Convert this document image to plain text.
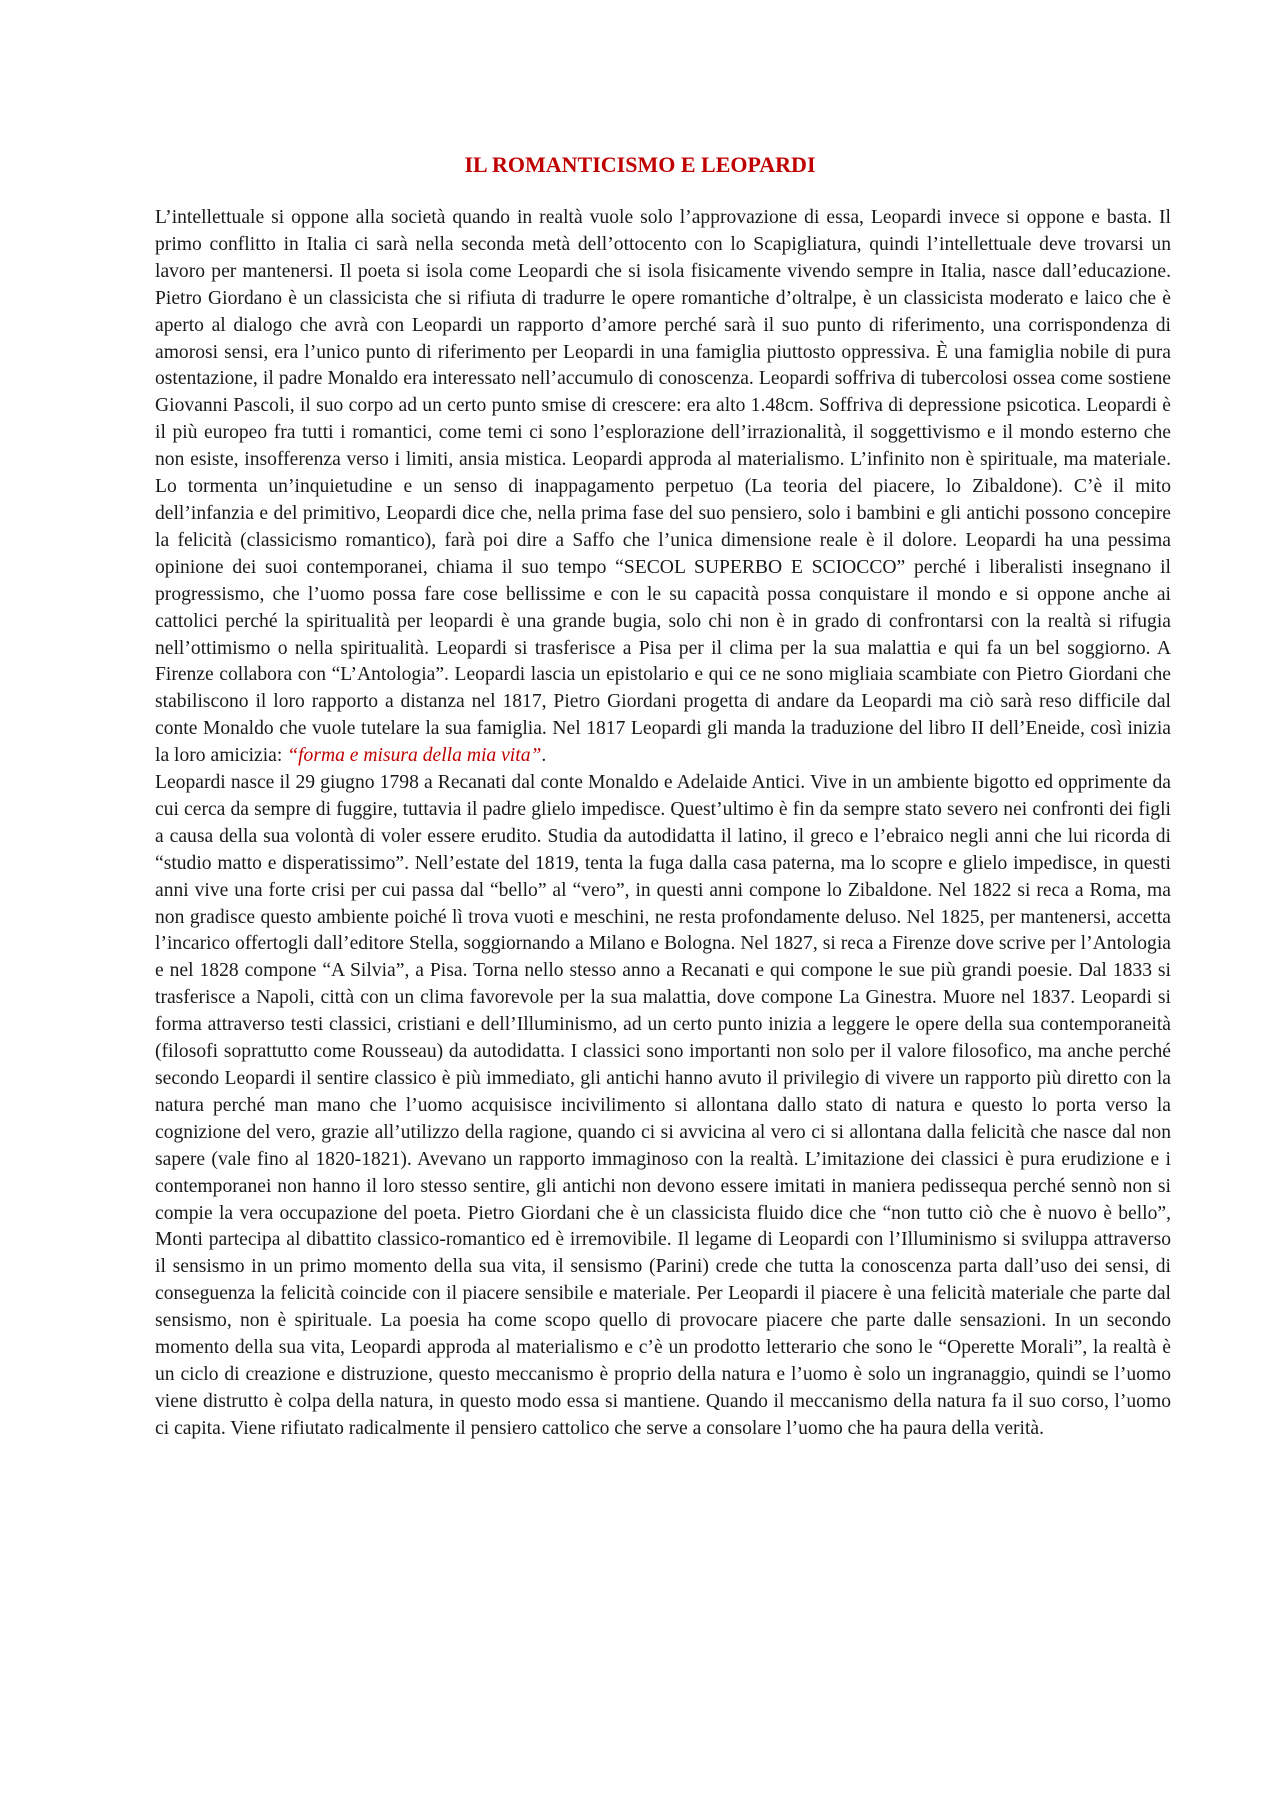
IL ROMANTICISMO E LEOPARDI

L’intellettuale si oppone alla società quando in realtà vuole solo l’approvazione di essa, Leopardi invece si oppone e basta. Il primo conflitto in Italia ci sarà nella seconda metà dell’ottocento con lo Scapigliatura, quindi l’intellettuale deve trovarsi un lavoro per mantenersi. Il poeta si isola come Leopardi che si isola fisicamente vivendo sempre in Italia, nasce dall’educazione. Pietro Giordano è un classicista che si rifiuta di tradurre le opere romantiche d’oltralpe, è un classicista moderato e laico che è aperto al dialogo che avrà con Leopardi un rapporto d’amore perché sarà il suo punto di riferimento, una corrispondenza di amorosi sensi, era l’unico punto di riferimento per Leopardi in una famiglia piuttosto oppressiva. È una famiglia nobile di pura ostentazione, il padre Monaldo era interessato nell’accumulo di conoscenza. Leopardi soffriva di tubercolosi ossea come sostiene Giovanni Pascoli, il suo corpo ad un certo punto smise di crescere: era alto 1.48cm. Soffriva di depressione psicotica. Leopardi è il più europeo fra tutti i romantici, come temi ci sono l’esplorazione dell’irrazionalità, il soggettivismo e il mondo esterno che non esiste, insofferenza verso i limiti, ansia mistica. Leopardi approda al materialismo. L’infinito non è spirituale, ma materiale. Lo tormenta un’inquietudine e un senso di inappagamento perpetuo (La teoria del piacere, lo Zibaldone). C’è il mito dell’infanzia e del primitivo, Leopardi dice che, nella prima fase del suo pensiero, solo i bambini e gli antichi possono concepire la felicità (classicismo romantico), farà poi dire a Saffo che l’unica dimensione reale è il dolore. Leopardi ha una pessima opinione dei suoi contemporanei, chiama il suo tempo “SECOL SUPERBO E SCIOCCO” perché i liberalisti insegnano il progressismo, che l’uomo possa fare cose bellissime e con le su capacità possa conquistare il mondo e si oppone anche ai cattolici perché la spiritualità per leopardi è una grande bugia, solo chi non è in grado di confrontarsi con la realtà si rifugia nell’ottimismo o nella spiritualità. Leopardi si trasferisce a Pisa per il clima per la sua malattia e qui fa un bel soggiorno. A Firenze collabora con “L’Antologia”. Leopardi lascia un epistolario e qui ce ne sono migliaia scambiate con Pietro Giordani che stabiliscono il loro rapporto a distanza nel 1817, Pietro Giordani progetta di andare da Leopardi ma ciò sarà reso difficile dal conte Monaldo che vuole tutelare la sua famiglia. Nel 1817 Leopardi gli manda la traduzione del libro II dell’Eneide, così inizia la loro amicizia: “forma e misura della mia vita”.

Leopardi nasce il 29 giugno 1798 a Recanati dal conte Monaldo e Adelaide Antici. Vive in un ambiente bigotto ed opprimente da cui cerca da sempre di fuggire, tuttavia il padre glielo impedisce. Quest’ultimo è fin da sempre stato severo nei confronti dei figli a causa della sua volontà di voler essere erudito. Studia da autodidatta il latino, il greco e l’ebraico negli anni che lui ricorda di “studio matto e disperatissimo”. Nell’estate del 1819, tenta la fuga dalla casa paterna, ma lo scopre e glielo impedisce, in questi anni vive una forte crisi per cui passa dal “bello” al “vero”, in questi anni compone lo Zibaldone. Nel 1822 si reca a Roma, ma non gradisce questo ambiente poiché lì trova vuoti e meschini, ne resta profondamente deluso. Nel 1825, per mantenersi, accetta l’incarico offertogli dall’editore Stella, soggiornando a Milano e Bologna. Nel 1827, si reca a Firenze dove scrive per l’Antologia e nel 1828 compone “A Silvia”, a Pisa. Torna nello stesso anno a Recanati e qui compone le sue più grandi poesie. Dal 1833 si trasferisce a Napoli, città con un clima favorevole per la sua malattia, dove compone La Ginestra. Muore nel 1837. Leopardi si forma attraverso testi classici, cristiani e dell’Illuminismo, ad un certo punto inizia a leggere le opere della sua contemporaneità (filosofi soprattutto come Rousseau) da autodidatta. I classici sono importanti non solo per il valore filosofico, ma anche perché secondo Leopardi il sentire classico è più immediato, gli antichi hanno avuto il privilegio di vivere un rapporto più diretto con la natura perché man mano che l’uomo acquisisce incivilimento si allontana dallo stato di natura e questo lo porta verso la cognizione del vero, grazie all’utilizzo della ragione, quando ci si avvicina al vero ci si allontana dalla felicità che nasce dal non sapere (vale fino al 1820-1821). Avevano un rapporto immaginoso con la realtà. L’imitazione dei classici è pura erudizione e i contemporanei non hanno il loro stesso sentire, gli antichi non devono essere imitati in maniera pedissequa perché sennò non si compie la vera occupazione del poeta. Pietro Giordani che è un classicista fluido dice che “non tutto ciò che è nuovo è bello”, Monti partecipa al dibattito classico-romantico ed è irremovibile. Il legame di Leopardi con l’Illuminismo si sviluppa attraverso il sensismo in un primo momento della sua vita, il sensismo (Parini) crede che tutta la conoscenza parta dall’uso dei sensi, di conseguenza la felicità coincide con il piacere sensibile e materiale. Per Leopardi il piacere è una felicità materiale che parte dal sensismo, non è spirituale. La poesia ha come scopo quello di provocare piacere che parte dalle sensazioni. In un secondo momento della sua vita, Leopardi approda al materialismo e c’è un prodotto letterario che sono le “Operette Morali”, la realtà è un ciclo di creazione e distruzione, questo meccanismo è proprio della natura e l’uomo è solo un ingranaggio, quindi se l’uomo viene distrutto è colpa della natura, in questo modo essa si mantiene. Quando il meccanismo della natura fa il suo corso, l’uomo ci capita. Viene rifiutato radicalmente il pensiero cattolico che serve a consolare l’uomo che ha paura della verità.
